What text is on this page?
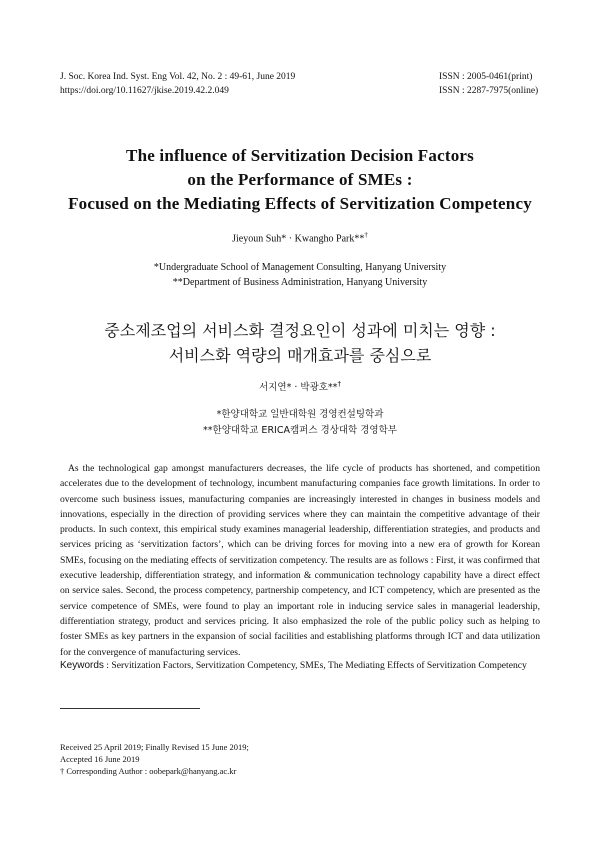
J. Soc. Korea Ind. Syst. Eng Vol. 42, No. 2 : 49-61, June 2019
https://doi.org/10.11627/jkise.2019.42.2.049
ISSN : 2005-0461(print)
ISSN : 2287-7975(online)
The influence of Servitization Decision Factors
on the Performance of SMEs :
Focused on the Mediating Effects of Servitization Competency
Jieyoun Suh* · Kwangho Park**†
*Undergraduate School of Management Consulting, Hanyang University
**Department of Business Administration, Hanyang University
중소제조업의 서비스화 결정요인이 성과에 미치는 영향 :
서비스화 역량의 매개효과를 중심으로
서지연* · 박광호**†
*한양대학교 일반대학원 경영컨설팅학과
**한양대학교 ERICA캠퍼스 경상대학 경영학부

As the technological gap amongst manufacturers decreases, the life cycle of products has shortened, and competition accelerates due to the development of technology, incumbent manufacturing companies face growth limitations. In order to overcome such business issues, manufacturing companies are increasingly interested in changes in business models and innovations, especially in the direction of providing services where they can maintain the competitive advantage of their products. In such context, this empirical study examines managerial leadership, differentiation strategies, and products and services pricing as ‘servitization factors’, which can be driving forces for moving into a new era of growth for Korean SMEs, focusing on the mediating effects of servitization competency. The results are as follows : First, it was confirmed that executive leadership, differentiation strategy, and information & communication technology capability have a direct effect on service sales. Second, the process competency, partnership competency, and ICT competency, which are presented as the service competence of SMEs, were found to play an important role in inducing service sales in managerial leadership, differentiation strategy, product and services pricing. It also emphasized the role of the public policy such as helping to foster SMEs as key partners in the expansion of social facilities and establishing platforms through ICT and data utilization for the convergence of manufacturing services.

Keywords : Servitization Factors, Servitization Competency, SMEs, The Mediating Effects of Servitization Competency
Received 25 April 2019; Finally Revised 15 June 2019;
Accepted 16 June 2019
† Corresponding Author : oobepark@hanyang.ac.kr
